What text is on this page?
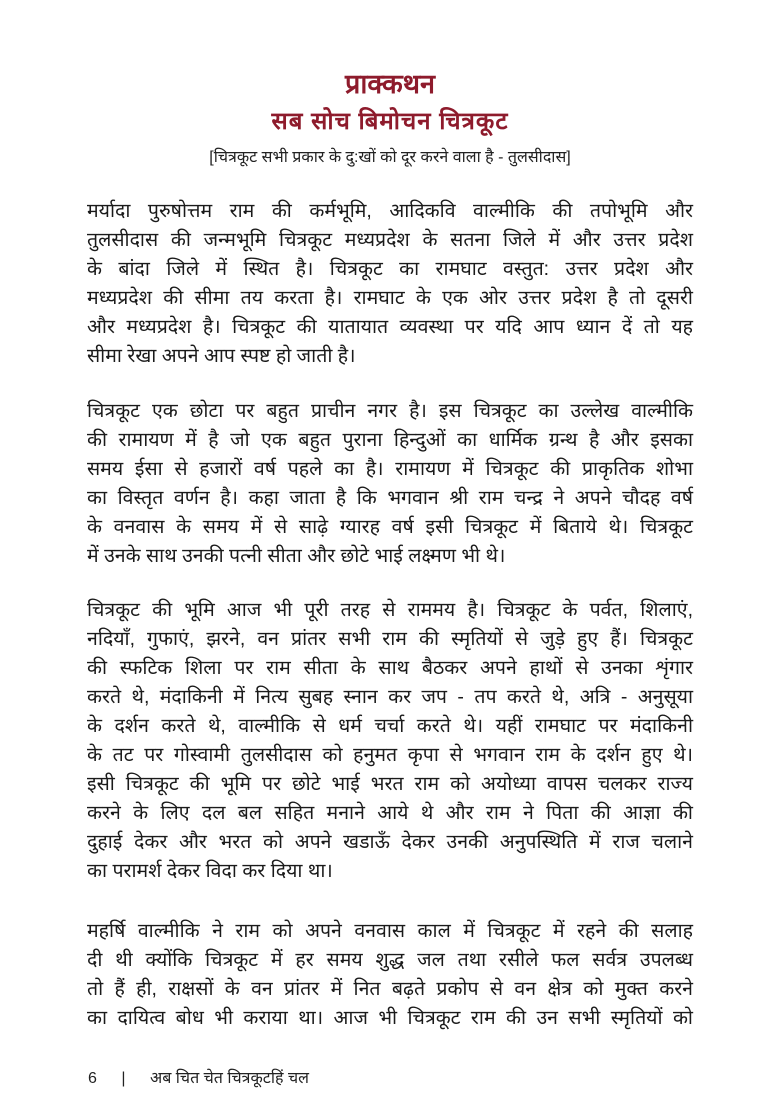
प्राक्कथन
सब सोच बिमोचन चित्रकूट
[चित्रकूट सभी प्रकार के दु:खों को दूर करने वाला है - तुलसीदास]
मर्यादा पुरुषोत्तम राम की कर्मभूमि, आदिकवि वाल्मीकि की तपोभूमि और
तुलसीदास की जन्मभूमि चित्रकूट मध्यप्रदेश के सतना जिले में और उत्तर प्रदेश
के बांदा जिले में स्थित है। चित्रकूट का रामघाट वस्तुत: उत्तर प्रदेश और
मध्यप्रदेश की सीमा तय करता है। रामघाट के एक ओर उत्तर प्रदेश है तो दूसरी
और मध्यप्रदेश है। चित्रकूट की यातायात व्यवस्था पर यदि आप ध्यान दें तो यह
सीमा रेखा अपने आप स्पष्ट हो जाती है।
चित्रकूट एक छोटा पर बहुत प्राचीन नगर है। इस चित्रकूट का उल्लेख वाल्मीकि
की रामायण में है जो एक बहुत पुराना हिन्दुओं का धार्मिक ग्रन्थ है और इसका
समय ईसा से हजारों वर्ष पहले का है। रामायण में चित्रकूट की प्राकृतिक शोभा
का विस्तृत वर्णन है। कहा जाता है कि भगवान श्री राम चन्द्र ने अपने चौदह वर्ष
के वनवास के समय में से साढ़े ग्यारह वर्ष इसी चित्रकूट में बिताये थे। चित्रकूट
में उनके साथ उनकी पत्नी सीता और छोटे भाई लक्ष्मण भी थे।
चित्रकूट की भूमि आज भी पूरी तरह से राममय है। चित्रकूट के पर्वत, शिलाएं,
नदियाँ, गुफाएं, झरने, वन प्रांतर सभी राम की स्मृतियों से जुड़े हुए हैं। चित्रकूट
की स्फटिक शिला पर राम सीता के साथ बैठकर अपने हाथों से उनका शृंगार
करते थे, मंदाकिनी में नित्य सुबह स्नान कर जप - तप करते थे, अत्रि - अनुसूया
के दर्शन करते थे, वाल्मीकि से धर्म चर्चा करते थे। यहीं रामघाट पर मंदाकिनी
के तट पर गोस्वामी तुलसीदास को हनुमत कृपा से भगवान राम के दर्शन हुए थे।
इसी चित्रकूट की भूमि पर छोटे भाई भरत राम को अयोध्या वापस चलकर राज्य
करने के लिए दल बल सहित मनाने आये थे और राम ने पिता की आज्ञा की
दुहाई देकर और भरत को अपने खडाऊँ देकर उनकी अनुपस्थिति में राज चलाने
का परामर्श देकर विदा कर दिया था।
महर्षि वाल्मीकि ने राम को अपने वनवास काल में चित्रकूट में रहने की सलाह
दी थी क्योंकि चित्रकूट में हर समय शुद्ध जल तथा रसीले फल सर्वत्र उपलब्ध
तो हैं ही, राक्षसों के वन प्रांतर में नित बढ़ते प्रकोप से वन क्षेत्र को मुक्त करने
का दायित्व बोध भी कराया था। आज भी चित्रकूट राम की उन सभी स्मृतियों को
6 | अब चित चेत चित्रकूटहिं चल
